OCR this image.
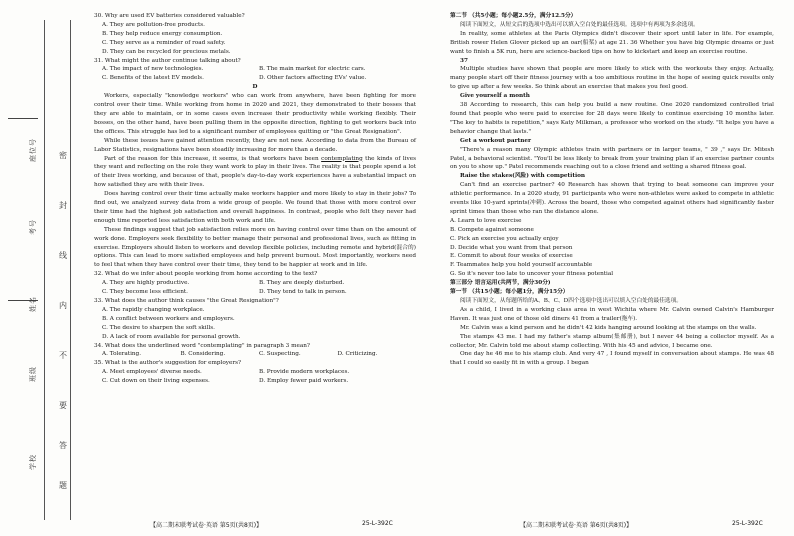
座位号
考号
姓名
班级
学校
密
封
线
内
不
要
答
题

30. Why are used EV batteries considered valuable?

A. They are pollution-free products.

B. They help reduce energy consumption.

C. They serve as a reminder of road safety.

D. They can be recycled for precious metals.

31. What might the author continue talking about?

A. The impact of new technologies.	B. The main market for electric cars.
C. Benefits of the latest EV models.	D. Other factors affecting EVs' value.

D

Workers, especially "knowledge workers" who can work from anywhere, have been fighting for more control over their time. While working from home in 2020 and 2021, they demonstrated to their bosses that they are able to maintain, or in some cases even increase their productivity while working flexibly. Their bosses, on the other hand, have been pulling them in the opposite direction, fighting to get workers back into the offices. This struggle has led to a significant number of employees quitting or "the Great Resignation".

While these issues have gained attention recently, they are not new. According to data from the Bureau of Labor Statistics, resignations have been steadily increasing for more than a decade.

Part of the reason for this increase, it seems, is that workers have been contemplating the kinds of lives they want and reflecting on the role they want work to play in their lives. The reality is that people spend a lot of their lives working, and because of that, people's day-to-day work experiences have a substantial impact on how satisfied they are with their lives.

Does having control over their time actually make workers happier and more likely to stay in their jobs? To find out, we analyzed survey data from a wide group of people. We found that those with more control over their time had the highest job satisfaction and overall happiness. In contrast, people who felt they never had enough time reported less satisfaction with both work and life.

These findings suggest that job satisfaction relies more on having control over time than on the amount of work done. Employers seek flexibility to better manage their personal and professional lives, such as fitting in exercise. Employers should listen to workers and develop flexible policies, including remote and hybrid(混合的) options. This can lead to more satisfied employees and help prevent burnout. Most importantly, workers need to feel that when they have control over their time, they tend to be happier at work and in life.

32. What do we infer about people working from home according to the text?

A. They are highly productive.	B. They are deeply disturbed.
C. They become less efficient.	D. They tend to talk in person.

33. What does the author think causes "the Great Resignation"?

A. The rapidly changing workplace.

B. A conflict between workers and employers.

C. The desire to sharpen the soft skills.

D. A lack of room available for personal growth.

34. What does the underlined word "contemplating" in paragraph 3 mean?

A. Tolerating.	B. Considering.	C. Suspecting.	D. Criticizing.

35. What is the author's suggestion for employers?

A. Meet employees' diverse needs.	B. Provide modern workplaces.
C. Cut down on their living expenses.	D. Employ fewer paid workers.

第二节 （共5小题；每小题2.5分，满分12.5分）

阅读下面短文，从短文后的选项中选出可以填入空白处的最佳选项。选项中有两项为多余选项。

In reality, some athletes at the Paris Olympics didn't discover their sport until later in life. For example, British rower Helen Glover picked up an oar(船桨) at age 21. 36 Whether you have big Olympic dreams or just want to finish a 5K run, here are science-backed tips on how to kickstart and keep an exercise routine.

37

Multiple studies have shown that people are more likely to stick with the workouts they enjoy. Actually, many people start off their fitness journey with a too ambitious routine in the hope of seeing quick results only to give up after a few weeks. So think about an exercise that makes you feel good.

Give yourself a month

38 According to research, this can help you build a new routine. One 2020 randomized controlled trial found that people who were paid to exercise for 28 days were likely to continue exercising 10 months later. "The key to habits is repetition," says Katy Milkman, a professor who worked on the study. "It helps you have a behavior change that lasts."

Get a workout partner

"There's a reason many Olympic athletes train with partners or in larger teams, " 39 ," says Dr. Mitesh Patel, a behavioral scientist. "You'll be less likely to break from your training plan if an exercise partner counts on you to show up." Patel recommends reaching out to a close friend and setting a shared fitness goal.

Raise the stakes(风险) with competition

Can't find an exercise partner? 40 Research has shown that trying to beat someone can improve your athletic performance. In a 2020 study, 91 participants who were non-athletes were asked to compete in athletic events like 10-yard sprints(冲刺). Across the board, those who competed against others had significantly faster sprint times than those who ran the distance alone.

A. Learn to love exercise

B. Compete against someone

C. Pick an exercise you actually enjoy

D. Decide what you want from that person

E. Commit to about four weeks of exercise

F. Teammates help you hold yourself accountable

G. So it's never too late to uncover your fitness potential

第三部分 语言运用(共两节，满分30分)

第一节 （共15小题；每小题1分，满分15分）

阅读下面短文，从每题所给的A、B、C、D四个选项中选出可以填入空白处的最佳选项。

As a child, I lived in a working class area in west Wichita where Mr. Calvin owned Calvin's Hamburger Haven. It was just one of those old diners 41 from a trailer(拖车).

Mr. Calvin was a kind person and he didn't 42 kids hanging around looking at the stamps on the walls.

The stamps 43 me. I had my father's stamp album(集邮册), but I never 44 being a collector myself. As a collector, Mr. Calvin told me about stamp collecting. With his 45 and advice, I became one.

One day he 46 me to his stamp club. And very 47 , I found myself in conversation about stamps. He was 48 that I could so easily fit in with a group. I began

【高二期末联考试卷·英语 第5页(共8页)】	25-L-392C	【高二期末联考试卷·英语 第6页(共8页)】	25-L-392C
